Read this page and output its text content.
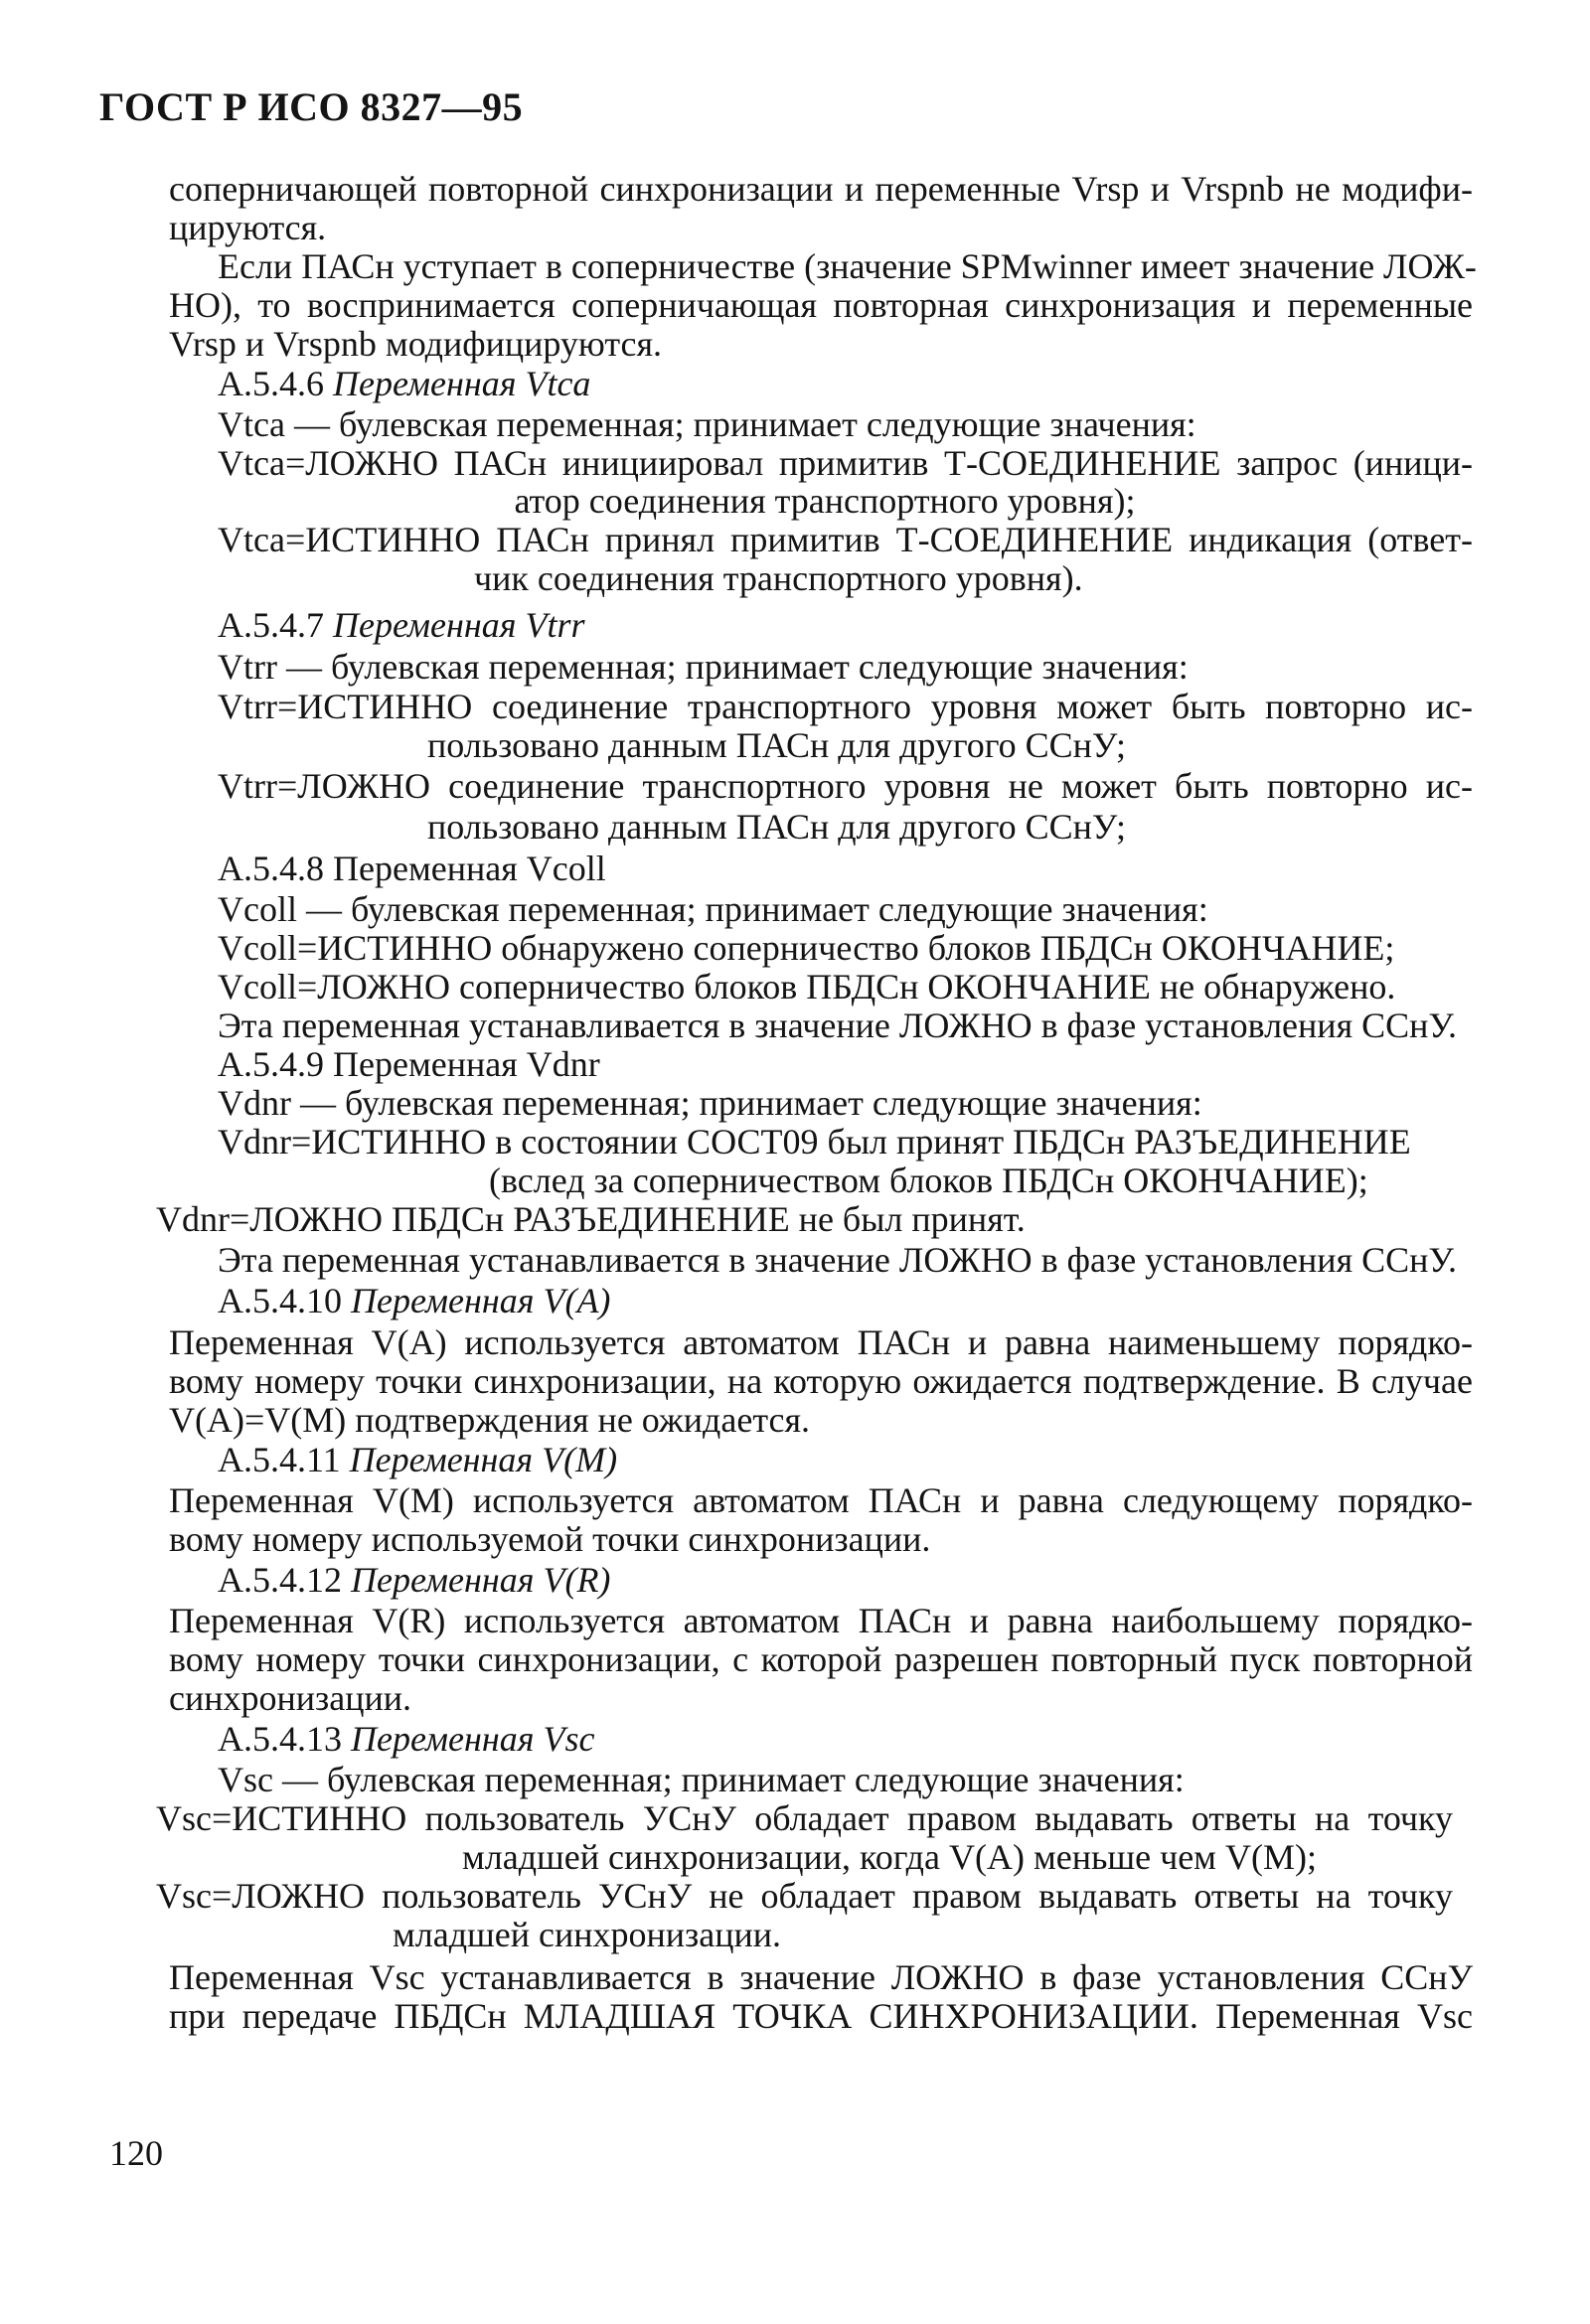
ГОСТ Р ИСО 8327—95
соперничающей повторной синхронизации и переменные Vrsp и Vrspnb не модифи-
цируются.
Если ПАСн уступает в соперничестве (значение SPMwinner имеет значение ЛОЖ-
НО), то воспринимается соперничающая повторная синхронизация и переменные
Vrsp и Vrspnb модифицируются.
А.5.4.6 Переменная Vtca
Vtca — булевская переменная; принимает следующие значения:
Vtca=ЛОЖНО ПАСн инициировал примитив Т-СОЕДИНЕНИЕ запрос (иници-
атор соединения транспортного уровня);
Vtca=ИСТИННО ПАСн принял примитив Т-СОЕДИНЕНИЕ индикация (ответ-
чик соединения транспортного уровня).
А.5.4.7 Переменная Vtrr
Vtrr — булевская переменная; принимает следующие значения:
Vtrr=ИСТИННО соединение транспортного уровня может быть повторно ис-
пользовано данным ПАСн для другого ССнУ;
Vtrr=ЛОЖНО соединение транспортного уровня не может быть повторно ис-
пользовано данным ПАСн для другого ССнУ;
А.5.4.8 Переменная Vcoll
Vcoll — булевская переменная; принимает следующие значения:
Vcoll=ИСТИННО обнаружено соперничество блоков ПБДСн ОКОНЧАНИЕ;
Vcoll=ЛОЖНО соперничество блоков ПБДСн ОКОНЧАНИЕ не обнаружено.
Эта переменная устанавливается в значение ЛОЖНО в фазе установления ССнУ.
А.5.4.9 Переменная Vdnr
Vdnr — булевская переменная; принимает следующие значения:
Vdnr=ИСТИННО в состоянии СОСТ09 был принят ПБДСн РАЗЪЕДИНЕНИЕ
(вслед за соперничеством блоков ПБДСн ОКОНЧАНИЕ);
Vdnr=ЛОЖНО ПБДСн РАЗЪЕДИНЕНИЕ не был принят.
Эта переменная устанавливается в значение ЛОЖНО в фазе установления ССнУ.
А.5.4.10 Переменная V(A)
Переменная V(A) используется автоматом ПАСн и равна наименьшему порядко-
вому номеру точки синхронизации, на которую ожидается подтверждение. В случае
V(A)=V(M) подтверждения не ожидается.
А.5.4.11 Переменная V(M)
Переменная V(M) используется автоматом ПАСн и равна следующему порядко-
вому номеру используемой точки синхронизации.
А.5.4.12 Переменная V(R)
Переменная V(R) используется автоматом ПАСн и равна наибольшему порядко-
вому номеру точки синхронизации, с которой разрешен повторный пуск повторной
синхронизации.
А.5.4.13 Переменная Vsc
Vsc — булевская переменная; принимает следующие значения:
Vsc=ИСТИННО пользователь УСнУ обладает правом выдавать ответы на точку
младшей синхронизации, когда V(A) меньше чем V(M);
Vsc=ЛОЖНО пользователь УСнУ не обладает правом выдавать ответы на точку
младшей синхронизации.
Переменная Vsc устанавливается в значение ЛОЖНО в фазе установления ССнУ
при передаче ПБДСн МЛАДШАЯ ТОЧКА СИНХРОНИЗАЦИИ. Переменная Vsc
120
